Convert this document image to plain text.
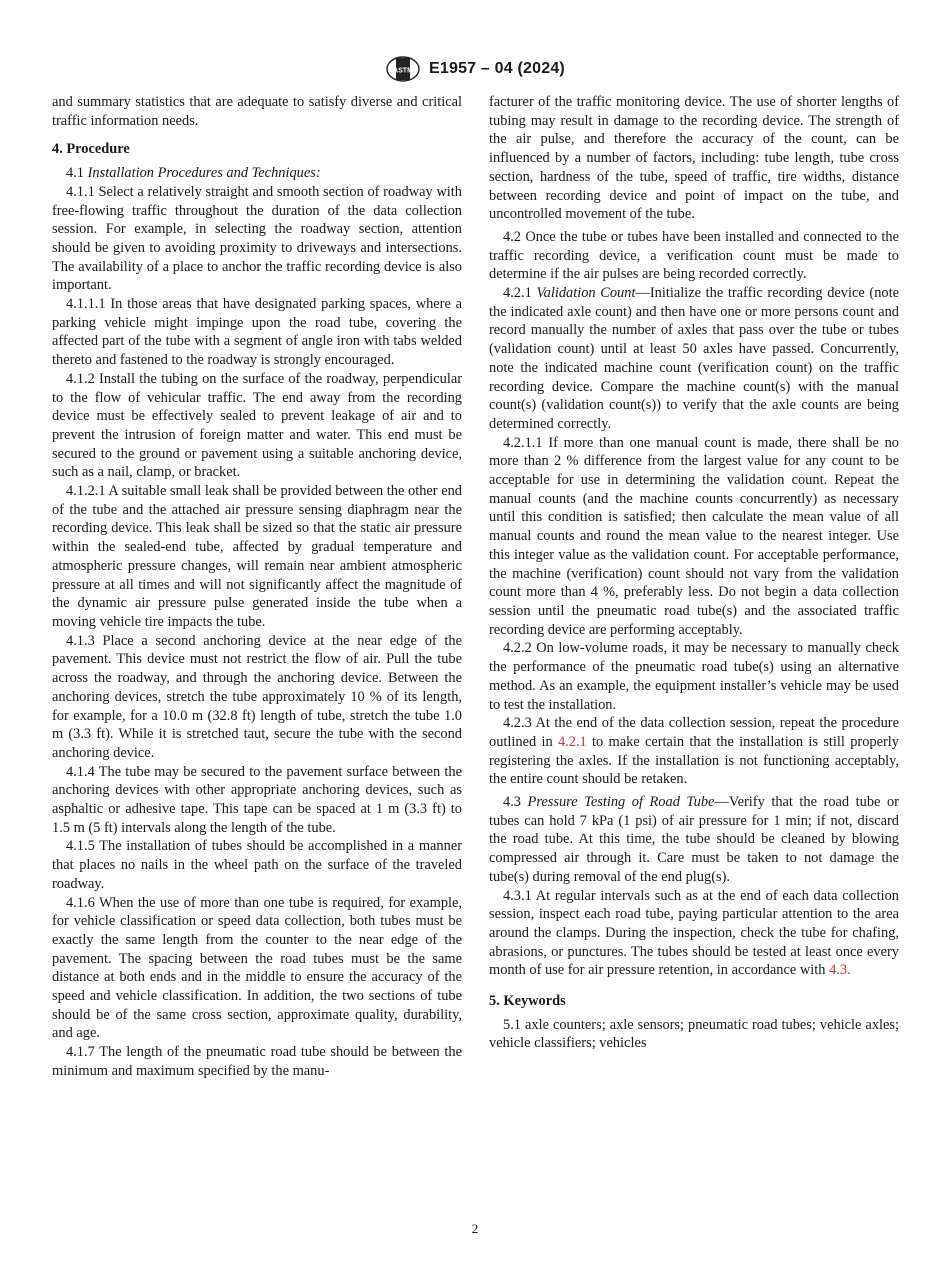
ASTM E1957 – 04 (2024)

and summary statistics that are adequate to satisfy diverse and critical traffic information needs.

4. Procedure

4.1 Installation Procedures and Techniques:

4.1.1 Select a relatively straight and smooth section of roadway with free-flowing traffic throughout the duration of the data collection session. For example, in selecting the roadway section, attention should be given to avoiding proximity to driveways and intersections. The availability of a place to anchor the traffic recording device is also important.

4.1.1.1 In those areas that have designated parking spaces, where a parking vehicle might impinge upon the road tube, covering the affected part of the tube with a segment of angle iron with tabs welded thereto and fastened to the roadway is strongly encouraged.

4.1.2 Install the tubing on the surface of the roadway, perpendicular to the flow of vehicular traffic. The end away from the recording device must be effectively sealed to prevent leakage of air and to prevent the intrusion of foreign matter and water. This end must be secured to the ground or pavement using a suitable anchoring device, such as a nail, clamp, or bracket.

4.1.2.1 A suitable small leak shall be provided between the other end of the tube and the attached air pressure sensing diaphragm near the recording device. This leak shall be sized so that the static air pressure within the sealed-end tube, affected by gradual temperature and atmospheric pressure changes, will remain near ambient atmospheric pressure at all times and will not significantly affect the magnitude of the dynamic air pressure pulse generated inside the tube when a moving vehicle tire impacts the tube.

4.1.3 Place a second anchoring device at the near edge of the pavement. This device must not restrict the flow of air. Pull the tube across the roadway, and through the anchoring device. Between the anchoring devices, stretch the tube approximately 10 % of its length, for example, for a 10.0 m (32.8 ft) length of tube, stretch the tube 1.0 m (3.3 ft). While it is stretched taut, secure the tube with the second anchoring device.

4.1.4 The tube may be secured to the pavement surface between the anchoring devices with other appropriate anchoring devices, such as asphaltic or adhesive tape. This tape can be spaced at 1 m (3.3 ft) to 1.5 m (5 ft) intervals along the length of the tube.

4.1.5 The installation of tubes should be accomplished in a manner that places no nails in the wheel path on the surface of the traveled roadway.

4.1.6 When the use of more than one tube is required, for example, for vehicle classification or speed data collection, both tubes must be exactly the same length from the counter to the near edge of the pavement. The spacing between the road tubes must be the same distance at both ends and in the middle to ensure the accuracy of the speed and vehicle classification. In addition, the two sections of tube should be of the same cross section, approximate quality, durability, and age.

4.1.7 The length of the pneumatic road tube should be between the minimum and maximum specified by the manu-

facturer of the traffic monitoring device. The use of shorter lengths of tubing may result in damage to the recording device. The strength of the air pulse, and therefore the accuracy of the count, can be influenced by a number of factors, including: tube length, tube cross section, hardness of the tube, speed of traffic, tire widths, distance between recording device and point of impact on the tube, and uncontrolled movement of the tube.

4.2 Once the tube or tubes have been installed and connected to the traffic recording device, a verification count must be made to determine if the air pulses are being recorded correctly.

4.2.1 Validation Count—Initialize the traffic recording device (note the indicated axle count) and then have one or more persons count and record manually the number of axles that pass over the tube or tubes (validation count) until at least 50 axles have passed. Concurrently, note the indicated machine count (verification count) on the traffic recording device. Compare the machine count(s) with the manual count(s) (validation count(s)) to verify that the axle counts are being determined correctly.

4.2.1.1 If more than one manual count is made, there shall be no more than 2 % difference from the largest value for any count to be acceptable for use in determining the validation count. Repeat the manual counts (and the machine counts concurrently) as necessary until this condition is satisfied; then calculate the mean value of all manual counts and round the mean value to the nearest integer. Use this integer value as the validation count. For acceptable performance, the machine (verification) count should not vary from the validation count more than 4 %, preferably less. Do not begin a data collection session until the pneumatic road tube(s) and the associated traffic recording device are performing acceptably.

4.2.2 On low-volume roads, it may be necessary to manually check the performance of the pneumatic road tube(s) using an alternative method. As an example, the equipment installer’s vehicle may be used to test the installation.

4.2.3 At the end of the data collection session, repeat the procedure outlined in 4.2.1 to make certain that the installation is still properly registering the axles. If the installation is not functioning acceptably, the entire count should be retaken.

4.3 Pressure Testing of Road Tube—Verify that the road tube or tubes can hold 7 kPa (1 psi) of air pressure for 1 min; if not, discard the road tube. At this time, the tube should be cleaned by blowing compressed air through it. Care must be taken to not damage the tube(s) during removal of the end plug(s).

4.3.1 At regular intervals such as at the end of each data collection session, inspect each road tube, paying particular attention to the area around the clamps. During the inspection, check the tube for chafing, abrasions, or punctures. The tubes should be tested at least once every month of use for air pressure retention, in accordance with 4.3.

5. Keywords

5.1 axle counters; axle sensors; pneumatic road tubes; vehicle axles; vehicle classifiers; vehicles

2
